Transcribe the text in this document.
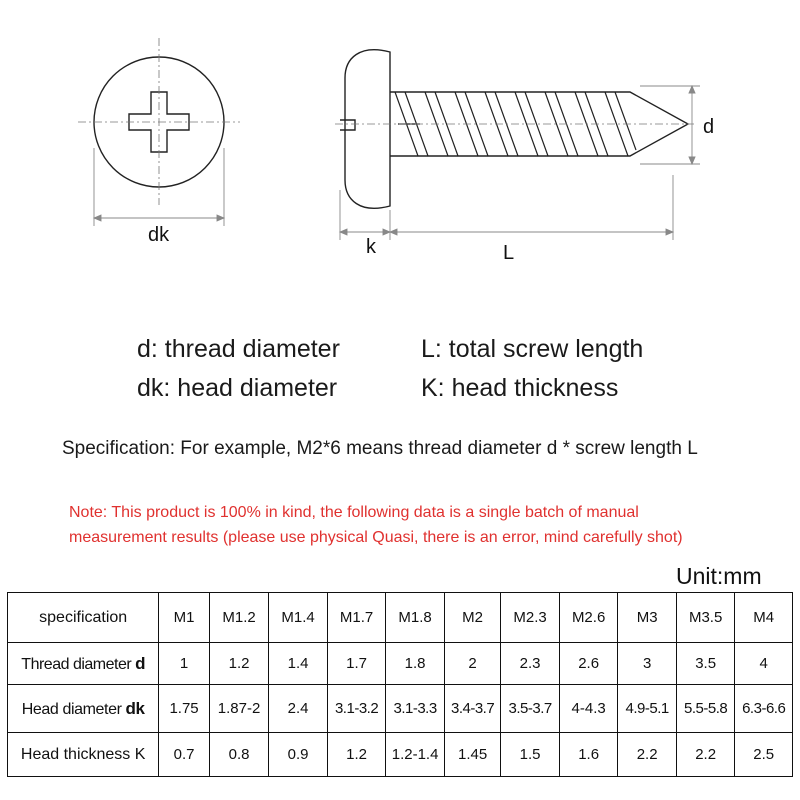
dk
k	L
d
d: thread diameter	L: total screw length
dk: head diameter	K: head thickness
Specification: For example, M2*6 means thread diameter d * screw length L
Note: This product is 100% in kind, the following data is a single batch of manual measurement results (please use physical Quasi, there is an error, mind carefully shot)
Unit:mm
specification	M1	M1.2	M1.4	M1.7	M1.8	M2	M2.3	M2.6	M3	M3.5	M4
Thread diameter d	1	1.2	1.4	1.7	1.8	2	2.3	2.6	3	3.5	4
Head diameter dk	1.75	1.87-2	2.4	3.1-3.2	3.1-3.3	3.4-3.7	3.5-3.7	4-4.3	4.9-5.1	5.5-5.8	6.3-6.6
Head thickness K	0.7	0.8	0.9	1.2	1.2-1.4	1.45	1.5	1.6	2.2	2.2	2.5
